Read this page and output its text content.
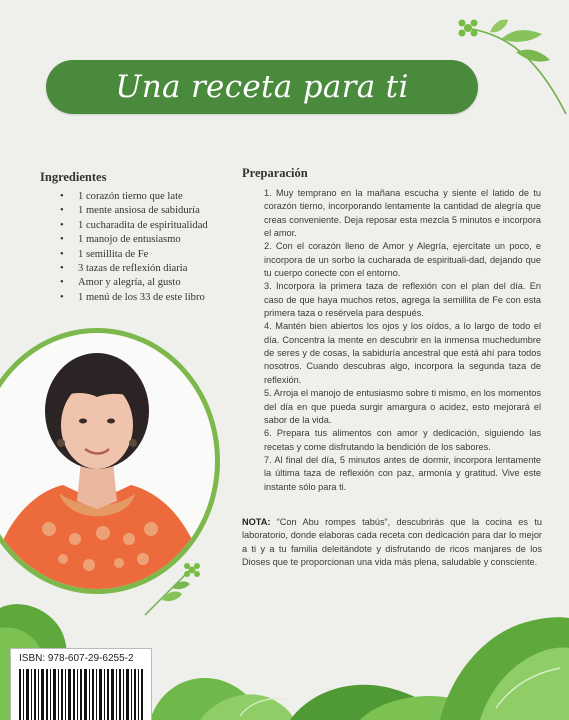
Una receta para ti
Ingredientes
• 1 corazón tierno que late
• 1 mente ansiosa de sabiduría
• 1 cucharadita de espiritualidad
• 1 manojo de entusiasmo
• 1 semillita de Fe
• 3 tazas de reflexión diaria
• Amor y alegría, al gusto
• 1 menú de los 33 de este libro
Preparación

1. Muy temprano en la mañana escucha y siente el latido de tu corazón tierno, incorporando lentamente la cantidad de alegría que creas conveniente. Deja reposar esta mezcla 5 minutos e incorpora el amor.

2. Con el corazón lleno de Amor y Alegría, ejercítate un poco, e incorpora de un sorbo la cucharada de espirituali-dad, dejando que tu cuerpo conecte con el entorno.

3. Incorpora la primera taza de reflexión con el plan del día. En caso de que haya muchos retos, agrega la semillita de Fe con esta primera taza o resérvela para después.

4. Mantén bien abiertos los ojos y los oídos, a lo largo de todo el día. Concentra la mente en descubrir en la inmensa muchedumbre de seres y de cosas, la sabiduría ancestral que está ahí para todos nosotros. Cuando descubras algo, incorpora la segunda taza de reflexión.

5. Arroja el manojo de entusiasmo sobre ti mismo, en los momentos del día en que pueda surgir amargura o acidez, esto mejorará el sabor de la vida.

6. Prepara tus alimentos con amor y dedicación, siguiendo las recetas y come disfrutando la bendición de los sabores.

7. Al final del día, 5 minutos antes de dormir, incorpora lentamente la última taza de reflexión con paz, armonía y gratitud. Vive este instante sólo para ti.

NOTA: “Con Abu rompes tabús”, descubrirás que la cocina es tu laboratorio, donde elaboras cada receta con dedicación para dar lo mejor a ti y a tu familia deleitándote y disfrutando de ricos manjares de los Dioses que te proporcionan una vida más plena, saludable y consciente.

ISBN: 978-607-29-6255-2
